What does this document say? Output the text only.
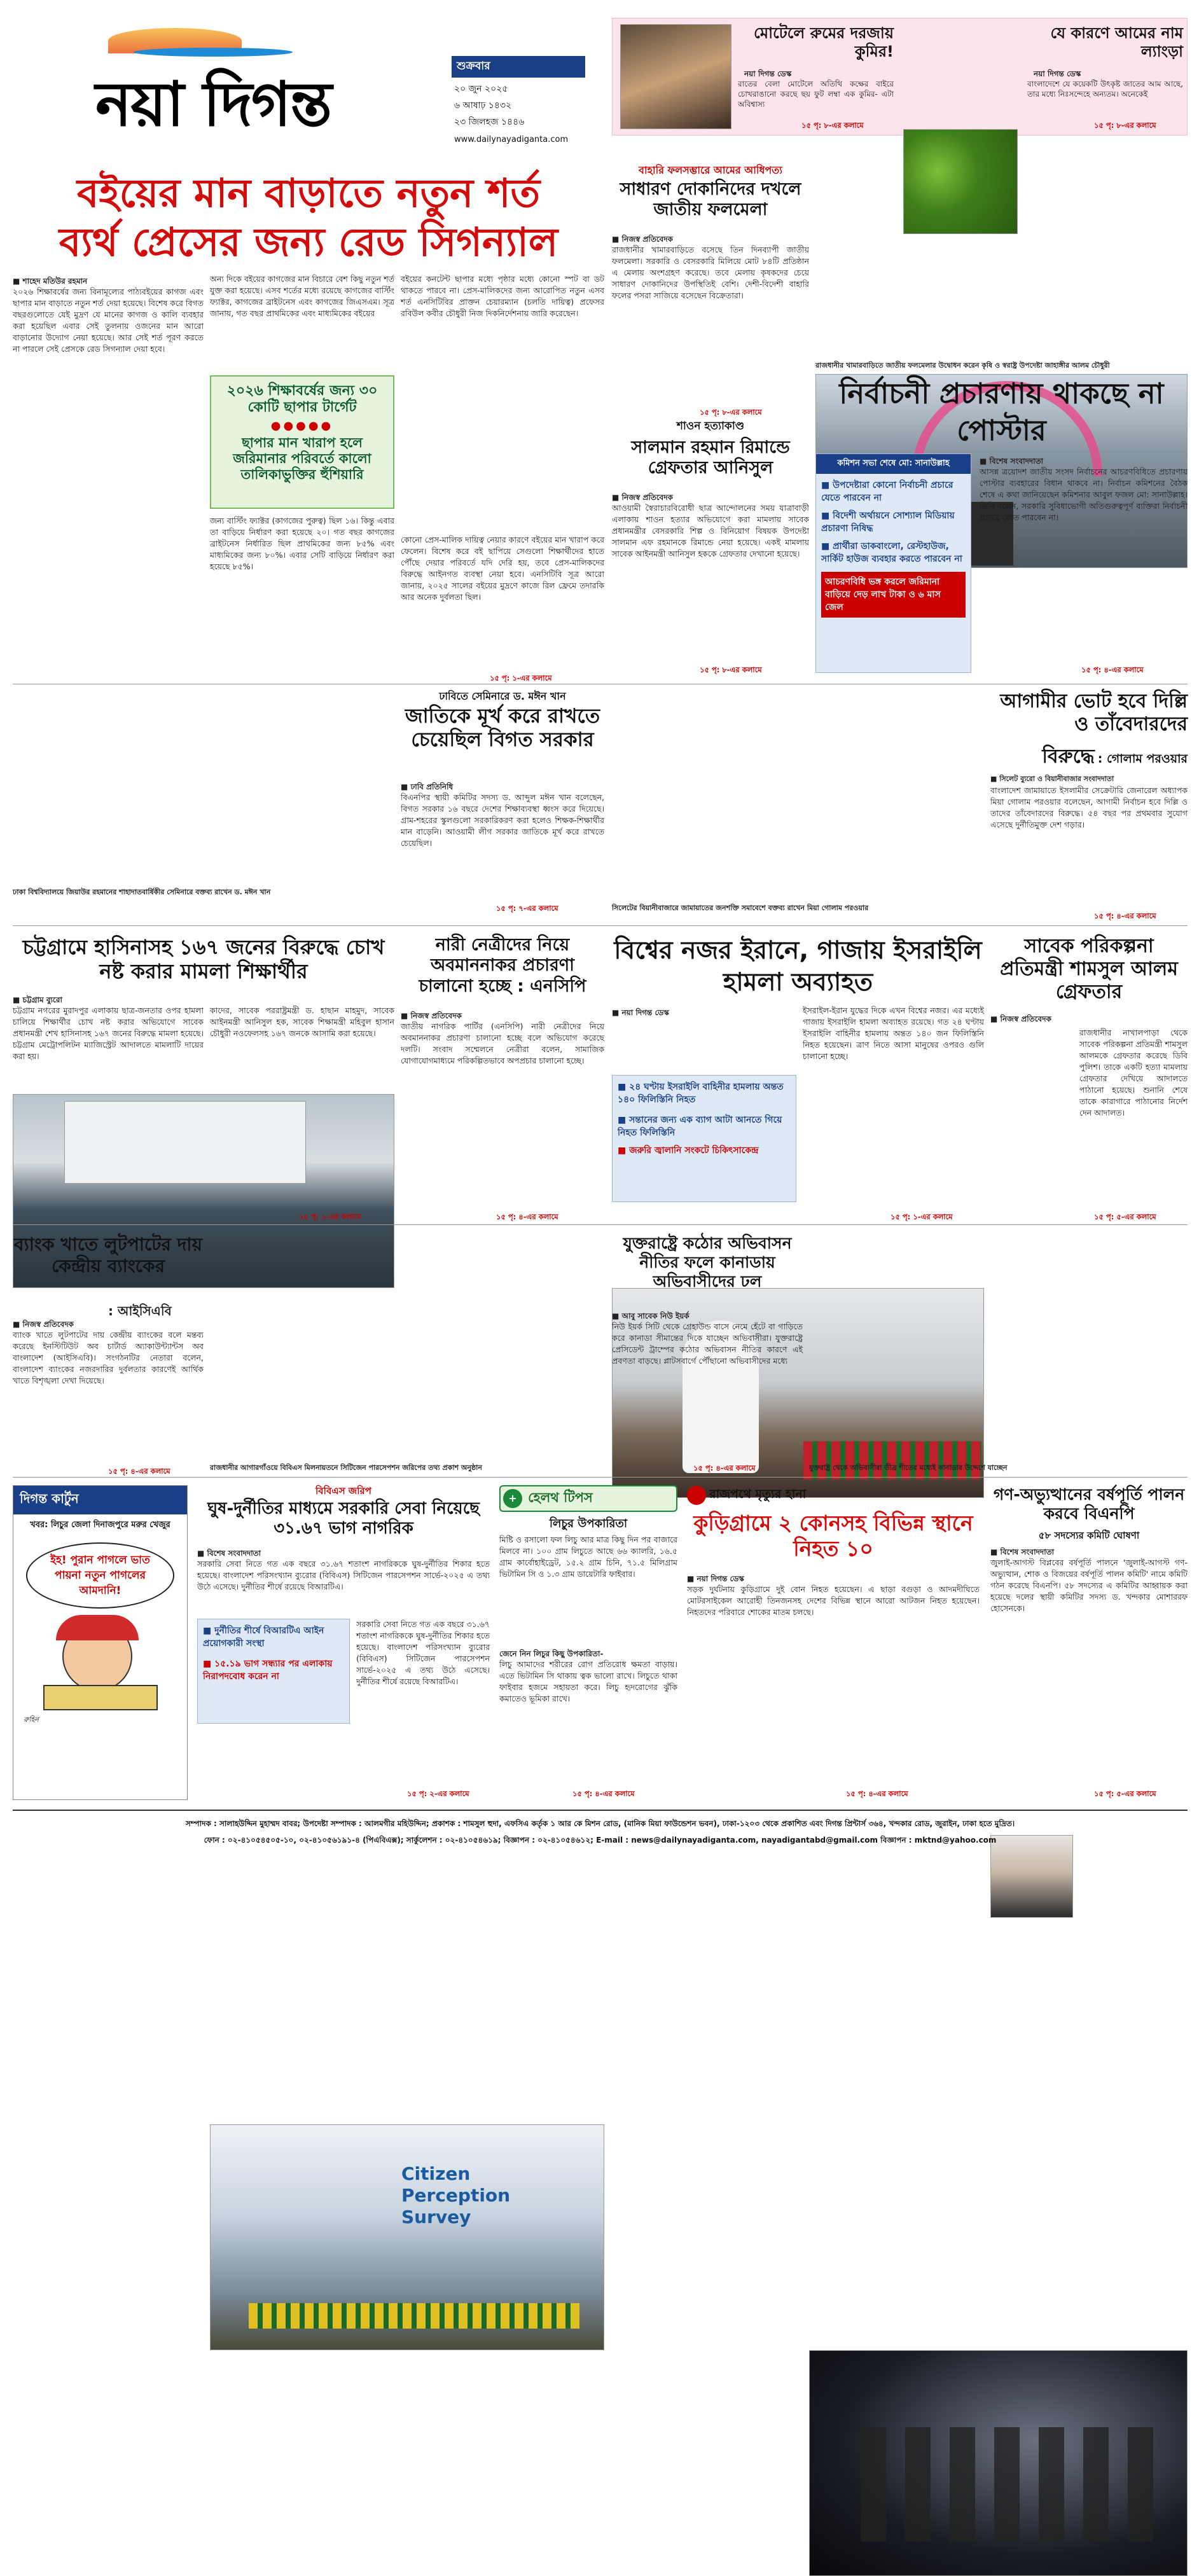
নয়া দিগন্ত
শুক্রবার
২০ জুন ২০২৫
৬ আষাঢ় ১৪৩২
২৩ জিলহজ ১৪৪৬
www.dailynayadiganta.com
মোটেলে রুমের দরজায় কুমির!
নয়া দিগন্ত ডেস্ক
রাতের বেলা মোটেলে অতিথি কক্ষের বাইরে চোখরাঙানো করছে ছয় ফুট লম্বা এক কুমির- এটা অবিশ্বাস্য
১৫ পৃ: ৮-এর কলামে
যে কারণে আমের নাম ল্যাংড়া
নয়া দিগন্ত ডেস্ক
বাংলাদেশে যে কয়েকটি উৎকৃষ্ট জাতের আম আছে, তার মধ্যে নিঃসন্দেহে অন্যতম। অনেকেই
১৫ পৃ: ৮-এর কলামে
বইয়ের মান বাড়াতে নতুন শর্ত
ব্যর্থ প্রেসের জন্য রেড সিগন্যাল
■ শাহেদ মতিউর রহমান
২০২৬ শিক্ষাবর্ষের জন্য বিনামূল্যের পাঠ্যবইয়ের কাগজ এবং ছাপার মান বাড়াতে নতুন শর্ত দেয়া হয়েছে। বিশেষ করে বিগত বছরগুলোতে যেই মুদ্রণ যে মানের কাগজ ও কালি ব্যবহার করা হয়েছিল এবার সেই তুলনায় ওজনের মান আরো বাড়ানোর উদ্যোগ নেয়া হয়েছে। আর সেই শর্ত পূরণ করতে না পারলে সেই প্রেসকে রেড সিগন্যাল দেয়া হবে।
অন্য দিকে বইয়ের কাগজের মান বিচারে বেশ কিছু নতুন শর্ত যুক্ত করা হয়েছে। এসব শর্তের মধ্যে রয়েছে কাগজের বার্স্টিং ফ্যাক্টর, কাগজের ব্রাইটনেস এবং কাগজের জিএসএম। সূত্র জানায়, গত বছর প্রাথমিকের এবং মাধ্যমিকের বইয়ের
বইয়ের কনটেন্ট ছাপার মধ্যে পৃষ্ঠার মধ্যে কোনো স্পট বা ডট থাকতে পারবে না। প্রেস-মালিকদের জন্য আরোপিত নতুন এসব শর্ত এনসিটিবির প্রাক্তন চেয়ারম্যান (চলতি দায়িত্ব) প্রফেসর রবিউল কবীর চৌধুরী নিজ দিকনির্দেশনায় জারি করেছেন।
২০২৬ শিক্ষাবর্ষের জন্য ৩০ কোটি ছাপার টার্গেট
●●●●●
ছাপার মান খারাপ হলে জরিমানার পরিবর্তে কালো তালিকাভুক্তির হুঁশিয়ারি
জন্য বার্স্টিং ফ্যাক্টর (কাগজের পুরুত্ব) ছিল ১৬। কিন্তু এবার তা বাড়িয়ে নির্ধারণ করা হয়েছে ২০। গত বছর কাগজের ব্রাইটনেস নির্ধারিত ছিল প্রাথমিকের জন্য ৮৫% এবং মাধ্যমিকের জন্য ৮০%। এবার সেটি বাড়িয়ে নির্ধারণ করা হয়েছে ৮৫%।
কোনো প্রেস-মালিক দায়িত্ব নেয়ার কারণে বইয়ের মান খারাপ করে ফেলেন। বিশেষ করে বই ছাপিয়ে সেগুলো শিক্ষার্থীদের হাতে পৌঁছে দেয়ার পরিবর্তে যদি দেরি হয়, তবে প্রেস-মালিকদের বিরুদ্ধে আইনগত ব্যবস্থা নেয়া হবে। এনসিটিবি সূত্র আরো জানায়, ২০২৫ সালের বইয়ের মুদ্রণে কাজে রিল ফ্রেমে তদারকি আর অনেক দুর্বলতা ছিল।
১৫ পৃ: ১-এর কলামে
বাহারি ফলসম্ভারে আমের আধিপত্য
সাধারণ দোকানিদের দখলে জাতীয় ফলমেলা
■ নিজস্ব প্রতিবেদক
রাজধানীর খামারবাড়িতে বসেছে তিন দিনব্যাপী জাতীয় ফলমেলা। সরকারি ও বেসরকারি মিলিয়ে মোট ৮৪টি প্রতিষ্ঠান এ মেলায় অংশগ্রহণ করেছে। তবে মেলায় কৃষকদের চেয়ে সাধারণ দোকানিদের উপস্থিতিই বেশি। দেশী-বিদেশী বাহারি ফলের পসরা সাজিয়ে বসেছেন বিক্রেতারা।
১৫ পৃ: ৮-এর কলামে
রাজধানীর খামারবাড়িতে জাতীয় ফলমেলার উদ্বোধন করেন কৃষি ও স্বরাষ্ট্র উপদেষ্টা জাহাঙ্গীর আলম চৌধুরী
শাওন হত্যাকাণ্ড
সালমান রহমান রিমান্ডে গ্রেফতার আনিসুল
■ নিজস্ব প্রতিবেদক
আওয়ামী স্বৈরাচারবিরোধী ছাত্র আন্দোলনের সময় যাত্রাবাড়ী এলাকায় শাওন হত্যার অভিযোগে করা মামলায় সাবেক প্রধানমন্ত্রীর বেসরকারি শিল্প ও বিনিয়োগ বিষয়ক উপদেষ্টা সালমান এফ রহমানকে রিমান্ডে নেয়া হয়েছে। একই মামলায় সাবেক আইনমন্ত্রী আনিসুল হককে গ্রেফতার দেখানো হয়েছে।
১৫ পৃ: ৮-এর কলামে
নির্বাচনী প্রচারণায় থাকছে না পোস্টার
কমিশন সভা শেষে মো: সানাউল্লাহ
■ উপদেষ্টারা কোনো নির্বাচনী প্রচারে যেতে পারবেন না
■ বিদেশী অর্থায়নে সোশ্যাল মিডিয়ায় প্রচারণা নিষিদ্ধ
■ প্রার্থীরা ডাকবাংলো, রেস্টহাউজ, সার্কিট হাউজ ব্যবহার করতে পারবেন না
আচরণবিধি ভঙ্গ করলে জরিমানা বাড়িয়ে দেড় লাখ টাকা ও ৬ মাস জেল
■ বিশেষ সংবাদদাতা
আসন্ন ত্রয়োদশ জাতীয় সংসদ নির্বাচনের আচরণবিধিতে প্রচারণায় পোস্টার ব্যবহারের বিধান থাকবে না। নির্বাচন কমিশনের বৈঠক শেষে এ কথা জানিয়েছেন কমিশনার আবুল ফজল মো: সানাউল্লাহ। তিনি বলেন, সরকারি সুবিধাভোগী অতিগুরুত্বপূর্ণ ব্যক্তিরা নির্বাচনী প্রচারে যেতে পারবেন না।
১৫ পৃ: ৪-এর কলামে
ঢাকা বিশ্ববিদ্যালয়ে জিয়াউর রহমানের শাহাদাতবার্ষিকীর সেমিনারে বক্তব্য রাখেন ড. মঈন খান
ঢাবিতে সেমিনারে ড. মঈন খান
জাতিকে মূর্খ করে রাখতে চেয়েছিল বিগত সরকার
■ ঢাবি প্রতিনিধি
বিএনপির স্থায়ী কমিটির সদস্য ড. আব্দুল মঈন খান বলেছেন, বিগত সরকার ১৬ বছরে দেশের শিক্ষাব্যবস্থা ধ্বংস করে দিয়েছে। গ্রাম-শহরের স্কুলগুলো সরকারিকরণ করা হলেও শিক্ষক-শিক্ষার্থীর মান বাড়েনি। আওয়ামী লীগ সরকার জাতিকে মূর্খ করে রাখতে চেয়েছিল।
১৫ পৃ: ৭-এর কলামে	সিলেটের বিয়ানীবাজারে জামায়াতের জনশক্তি সমাবেশে বক্তব্য রাখেন মিয়া গোলাম পরওয়ার
আগামীর ভোট হবে দিল্লি ও তাঁবেদারদের
বিরুদ্ধে : গোলাম পরওয়ার
■ সিলেট ব্যুরো ও বিয়ানীবাজার সংবাদদাতা
বাংলাদেশ জামায়াতে ইসলামীর সেক্রেটারি জেনারেল অধ্যাপক মিয়া গোলাম পরওয়ার বলেছেন, আগামী নির্বাচন হবে দিল্লি ও তাদের তাঁবেদারদের বিরুদ্ধে। ৫৪ বছর পর প্রথমবার সুযোগ এসেছে দুর্নীতিমুক্ত দেশ গড়ার।
১৫ পৃ: ৪-এর কলামে
চট্টগ্রামে হাসিনাসহ ১৬৭ জনের বিরুদ্ধে চোখ নষ্ট করার মামলা শিক্ষার্থীর
■ চট্টগ্রাম ব্যুরো
চট্টগ্রাম নগরের মুরাদপুর এলাকায় ছাত্র-জনতার ওপর হামলা চালিয়ে শিক্ষার্থীর চোখ নষ্ট করার অভিযোগে সাবেক প্রধানমন্ত্রী শেখ হাসিনাসহ ১৬৭ জনের বিরুদ্ধে মামলা হয়েছে। চট্টগ্রাম মেট্রোপলিটন ম্যাজিস্ট্রেট আদালতে মামলাটি দায়ের করা হয়।
কাদের, সাবেক পররাষ্ট্রমন্ত্রী ড. হাছান মাহমুদ, সাবেক আইনমন্ত্রী আনিসুল হক, সাবেক শিক্ষামন্ত্রী মহিবুল হাসান চৌধুরী নওফেলসহ ১৬৭ জনকে আসামি করা হয়েছে।
১৫ পৃ: ১-এর কলামে
নারী নেত্রীদের নিয়ে অবমাননাকর প্রচারণা চালানো হচ্ছে : এনসিপি
■ নিজস্ব প্রতিবেদক
জাতীয় নাগরিক পার্টির (এনসিপি) নারী নেত্রীদের নিয়ে অবমাননাকর প্রচারণা চালানো হচ্ছে বলে অভিযোগ করেছে দলটি। সংবাদ সম্মেলনে নেত্রীরা বলেন, সামাজিক যোগাযোগমাধ্যমে পরিকল্পিতভাবে অপপ্রচার চালানো হচ্ছে।
১৫ পৃ: ৪-এর কলামে
বিশ্বের নজর ইরানে, গাজায় ইসরাইলি হামলা অব্যাহত
■ নয়া দিগন্ত ডেস্ক
■ ২৪ ঘণ্টায় ইসরাইলি বাহিনীর হামলায় অন্তত ১৪০ ফিলিস্তিনি নিহত
■ সন্তানের জন্য এক ব্যাগ আটা আনতে গিয়ে নিহত ফিলিস্তিনি
■ জরুরি জ্বালানি সংকটে চিকিৎসাকেন্দ্র
ইসরাইল-ইরান যুদ্ধের দিকে এখন বিশ্বের নজর। এর মধ্যেই গাজায় ইসরাইলি হামলা অব্যাহত রয়েছে। গত ২৪ ঘণ্টায় ইসরাইলি বাহিনীর হামলায় অন্তত ১৪০ জন ফিলিস্তিনি নিহত হয়েছেন। ত্রাণ নিতে আসা মানুষের ওপরও গুলি চালানো হচ্ছে।
১৫ পৃ: ১-এর কলামে
সাবেক পরিকল্পনা প্রতিমন্ত্রী শামসুল আলম গ্রেফতার
■ নিজস্ব প্রতিবেদক
রাজধানীর নাখালপাড়া থেকে সাবেক পরিকল্পনা প্রতিমন্ত্রী শামসুল আলমকে গ্রেফতার করেছে ডিবি পুলিশ। তাকে একটি হত্যা মামলায় গ্রেফতার দেখিয়ে আদালতে পাঠানো হয়েছে। শুনানি শেষে তাকে কারাগারে পাঠানোর নির্দেশ দেন আদালত।
১৫ পৃ: ৫-এর কলামে
ব্যাংক খাতে লুটপাটের দায় কেন্দ্রীয় ব্যাংকের
: আইসিএবি
■ নিজস্ব প্রতিবেদক
ব্যাংক খাতে লুটপাটের দায় কেন্দ্রীয় ব্যাংকের বলে মন্তব্য করেছে ইনস্টিটিউট অব চার্টার্ড অ্যাকাউন্ট্যান্টস অব বাংলাদেশ (আইসিএবি)। সংগঠনটির নেতারা বলেন, বাংলাদেশ ব্যাংকের নজরদারির দুর্বলতার কারণেই আর্থিক খাতে বিশৃঙ্খলা দেখা দিয়েছে।
১৫ পৃ: ৪-এর কলামে
Citizen Perception Survey
রাজধানীর আগারগাঁওয়ে বিবিএস মিলনায়তনে সিটিজেন পারসেপশন জরিপের তথ্য প্রকাশ অনুষ্ঠান
যুক্তরাষ্ট্রে কঠোর অভিবাসন নীতির ফলে কানাডায় অভিবাসীদের ঢল
■ আবু সাবেক নিউ ইয়র্ক
নিউ ইয়র্ক সিটি থেকে গ্রেহাউন্ড বাসে নেমে হেঁটে বা গাড়িতে করে কানাডা সীমান্তের দিকে যাচ্ছেন অভিবাসীরা। যুক্তরাষ্ট্রে প্রেসিডেন্ট ট্রাম্পের কঠোর অভিবাসন নীতির কারণে এই প্রবণতা বাড়ছে। প্লাটসবার্গে পৌঁছানো অভিবাসীদের মধ্যে
১৫ পৃ: ৪-এর কলামে	যুক্তরাষ্ট্র থেকে অভিবাসীরা তীব্র শীতের মধ্যেই কানাডার উদ্দেশে যাচ্ছেন
দিগন্ত কার্টুন
খবর: লিচুর জেলা দিনাজপুরে মরুর খেজুর
ইহ! পুরান পাগলে ভাত পায়না নতুন পাগলের আমদানি!
রুহিন
বিবিএস জরিপ
ঘুষ-দুর্নীতির মাধ্যমে সরকারি সেবা নিয়েছে ৩১.৬৭ ভাগ নাগরিক
■ বিশেষ সংবাদদাতা
সরকারি সেবা নিতে গত এক বছরে ৩১.৬৭ শতাংশ নাগরিককে ঘুষ-দুর্নীতির শিকার হতে হয়েছে। বাংলাদেশ পরিসংখ্যান ব্যুরোর (বিবিএস) সিটিজেন পারসেপশন সার্ভে-২০২৫ এ তথ্য উঠে এসেছে। দুর্নীতির শীর্ষে রয়েছে বিআরটিএ।
■ দুর্নীতির শীর্ষে বিআরটিএ আইন প্রয়োগকারী সংস্থা
■ ১৫.১৯ ভাগ সন্ধ্যার পর এলাকায় নিরাপদবোধ করেন না
সরকারি সেবা নিতে গত এক বছরে ৩১.৬৭ শতাংশ নাগরিককে ঘুষ-দুর্নীতির শিকার হতে হয়েছে। বাংলাদেশ পরিসংখ্যান ব্যুরোর (বিবিএস) সিটিজেন পারসেপশন সার্ভে-২০২৫ এ তথ্য উঠে এসেছে। দুর্নীতির শীর্ষে রয়েছে বিআরটিএ।
১৫ পৃ: ২-এর কলামে
+ হেলথ টিপস
লিচুর উপকারিতা
মিষ্টি ও রসালো ফল লিচু আর মাত্র কিছু দিন পর বাজারে মিলবে না। ১০০ গ্রাম লিচুতে আছে ৬৬ ক্যালরি, ১৬.৫ গ্রাম কার্বোহাইড্রেট, ১৫.২ গ্রাম চিনি, ৭১.৫ মিলিগ্রাম ভিটামিন সি ও ১.৩ গ্রাম ডায়েটারি ফাইবার।
জেনে নিন লিচুর কিছু উপকারিতা-
লিচু আমাদের শরীরের রোগ প্রতিরোধ ক্ষমতা বাড়ায়। এতে ভিটামিন সি থাকায় ত্বক ভালো রাখে। লিচুতে থাকা ফাইবার হজমে সহায়তা করে। লিচু হৃদরোগের ঝুঁকি কমাতেও ভূমিকা রাখে।
১৫ পৃ: ৪-এর কলামে
রাজপথে মৃত্যুর হানা
কুড়িগ্রামে ২ কোনসহ বিভিন্ন স্থানে নিহত ১০
■ নয়া দিগন্ত ডেস্ক
সড়ক দুর্ঘটনায় কুড়িগ্রামে দুই বোন নিহত হয়েছেন। এ ছাড়া বগুড়া ও আদমদীঘিতে মোটরসাইকেল আরোহী তিনজনসহ দেশের বিভিন্ন স্থানে আরো আটজন নিহত হয়েছেন। নিহতদের পরিবারে শোকের মাতম চলছে।
১৫ পৃ: ৪-এর কলামে
গণ-অভ্যুত্থানের বর্ষপূর্তি পালন করবে বিএনপি
৫৮ সদস্যের কমিটি ঘোষণা
■ বিশেষ সংবাদদাতা
জুলাই-আগস্ট বিপ্লবের বর্ষপূর্তি পালনে 'জুলাই-আগস্ট গণ-অভ্যুত্থান, শোক ও বিজয়ের বর্ষপূর্তি পালন কমিটি' নামে কমিটি গঠন করেছে বিএনপি। ৫৮ সদস্যের এ কমিটির আহ্বায়ক করা হয়েছে দলের স্থায়ী কমিটির সদস্য ড. খন্দকার মোশাররফ হোসেনকে।
১৫ পৃ: ৫-এর কলামে
সম্পাদক : সালাহউদ্দিন মুহাম্মদ বাবর; উপদেষ্টা সম্পাদক : আলমগীর মহিউদ্দিন; প্রকাশক : শামসুল হুদা, এফসিএ কর্তৃক ১ আর কে মিশন রোড, (মানিক মিয়া ফাউন্ডেশন ভবন), ঢাকা-১২০৩ থেকে প্রকাশিত এবং দিগন্ত প্রিন্টার্স ৩৬৪, খন্দকার রোড, জুরাইন, ঢাকা হতে মুদ্রিত।
ফোন : ০২-৪১০৫৪৫০৫-১০, ০২-৪১০৫৬১৯১-৪ (পিএবিএক্স); সার্কুলেশন : ০২-৪১০৫৪৬১৯; বিজ্ঞাপন : ০২-৪১০৫৪৬১২; E-mail : news@dailynayadiganta.com, nayadigantabd@gmail.com বিজ্ঞাপন : mktnd@yahoo.com
